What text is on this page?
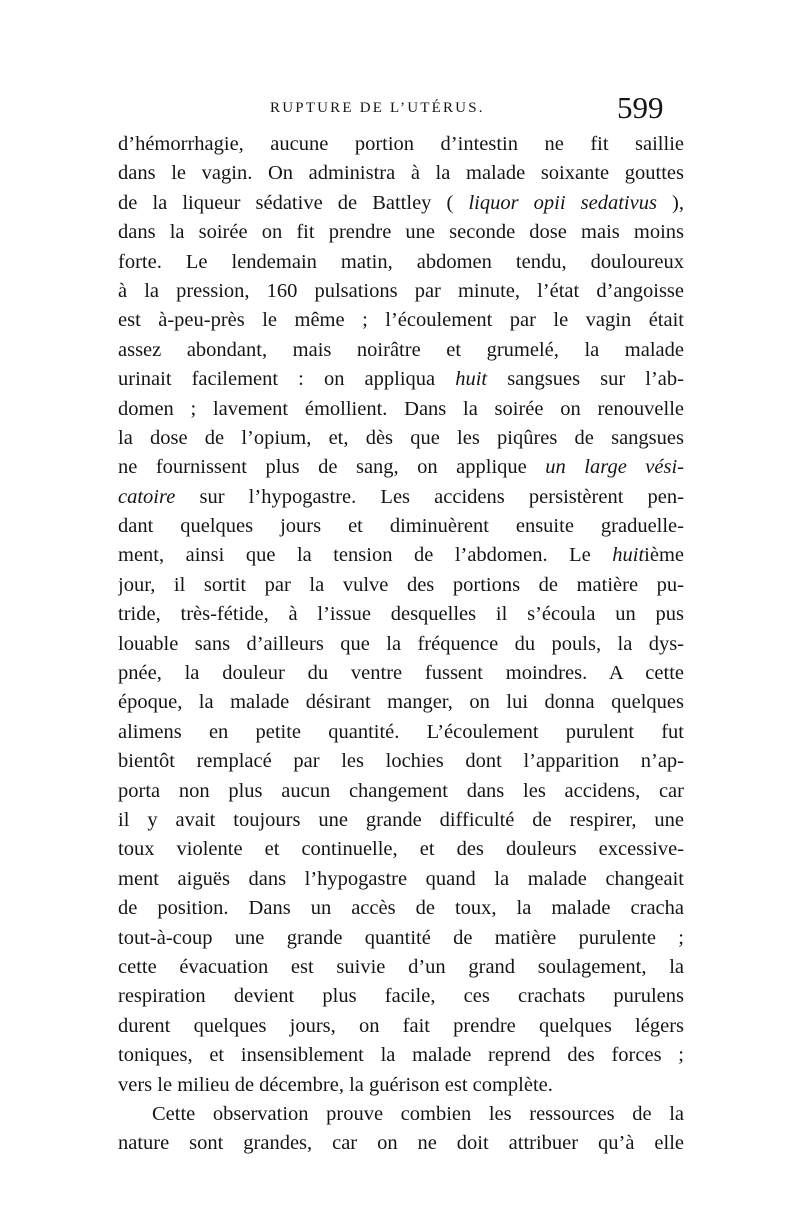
RUPTURE DE L’UTÉRUS.	599
d’hémorrhagie, aucune portion d’intestin ne fit saillie
dans le vagin. On administra à la malade soixante gouttes
de la liqueur sédative de Battley ( liquor opii sedativus ),
dans la soirée on fit prendre une seconde dose mais moins
forte. Le lendemain matin, abdomen tendu, douloureux
à la pression, 160 pulsations par minute, l’état d’angoisse
est à-peu-près le même ; l’écoulement par le vagin était
assez abondant, mais noirâtre et grumelé, la malade
urinait facilement : on appliqua huit sangsues sur l’ab-
domen ; lavement émollient. Dans la soirée on renouvelle
la dose de l’opium, et, dès que les piqûres de sangsues
ne fournissent plus de sang, on applique un large vési-
catoire sur l’hypogastre. Les accidens persistèrent pen-
dant quelques jours et diminuèrent ensuite graduelle-
ment, ainsi que la tension de l’abdomen. Le huitième
jour, il sortit par la vulve des portions de matière pu-
tride, très-fétide, à l’issue desquelles il s’écoula un pus
louable sans d’ailleurs que la fréquence du pouls, la dys-
pnée, la douleur du ventre fussent moindres. A cette
époque, la malade désirant manger, on lui donna quelques
alimens en petite quantité. L’écoulement purulent fut
bientôt remplacé par les lochies dont l’apparition n’ap-
porta non plus aucun changement dans les accidens, car
il y avait toujours une grande difficulté de respirer, une
toux violente et continuelle, et des douleurs excessive-
ment aiguës dans l’hypogastre quand la malade changeait
de position. Dans un accès de toux, la malade cracha
tout-à-coup une grande quantité de matière purulente ;
cette évacuation est suivie d’un grand soulagement, la
respiration devient plus facile, ces crachats purulens
durent quelques jours, on fait prendre quelques légers
toniques, et insensiblement la malade reprend des forces ;
vers le milieu de décembre, la guérison est complète.
Cette observation prouve combien les ressources de la
nature sont grandes, car on ne doit attribuer qu’à elle
